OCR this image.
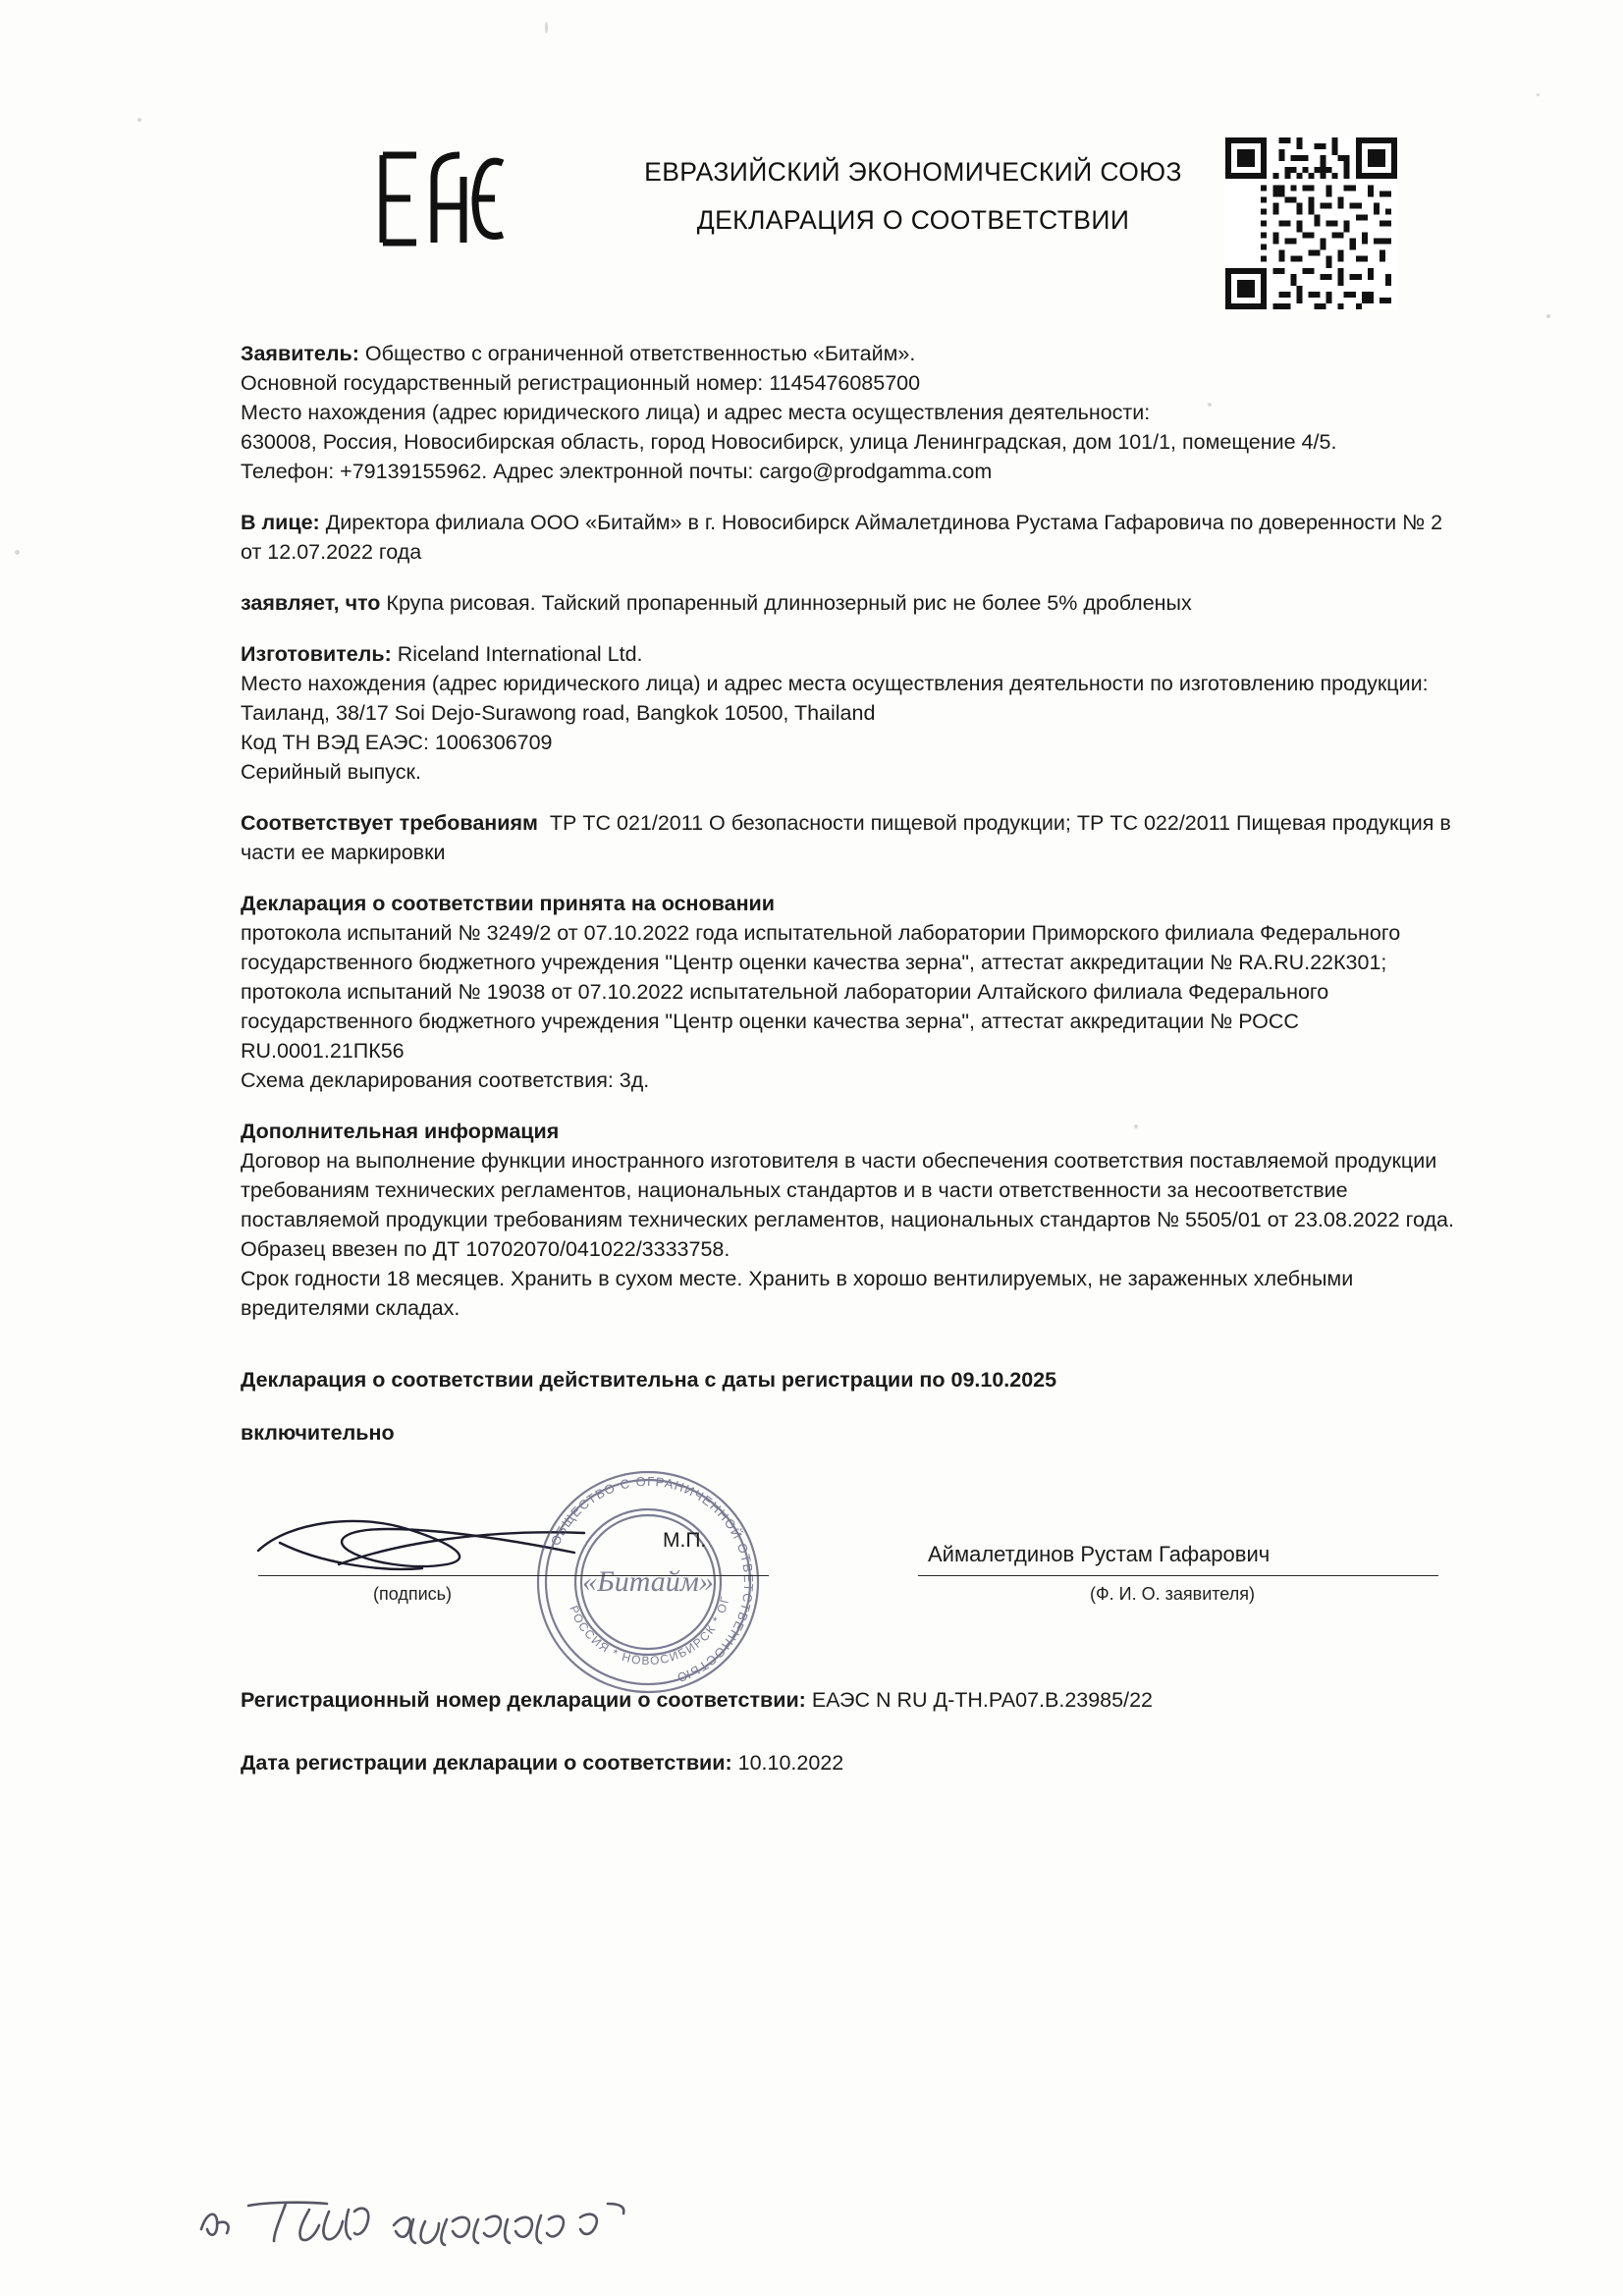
ЕВРАЗИЙСКИЙ ЭКОНОМИЧЕСКИЙ СОЮЗ
ДЕКЛАРАЦИЯ О СООТВЕТСТВИИ

Заявитель: Общество с ограниченной ответственностью «Битайм».

Основной государственный регистрационный номер: 1145476085700

Место нахождения (адрес юридического лица) и адрес места осуществления деятельности:

630008, Россия, Новосибирская область, город Новосибирск, улица Ленинградская, дом 101/1, помещение 4/5.

Телефон: +79139155962. Адрес электронной почты: cargo@prodgamma.com

В лице: Директора филиала ООО «Битайм» в г. Новосибирск Аймалетдинова Рустама Гафаровича по доверенности № 2 от 12.07.2022 года

заявляет, что Крупа рисовая. Тайский пропаренный длиннозерный рис не более 5% дробленых

Изготовитель: Riceland International Ltd.

Место нахождения (адрес юридического лица) и адрес места осуществления деятельности по изготовлению продукции:

Таиланд, 38/17 Soi Dejo-Surawong road, Bangkok 10500, Thailand

Код ТН ВЭД ЕАЭС: 1006306709

Серийный выпуск.

Соответствует требованиям ТР ТС 021/2011 О безопасности пищевой продукции; ТР ТС 022/2011 Пищевая продукция в части ее маркировки

Декларация о соответствии принята на основании

протокола испытаний № 3249/2 от 07.10.2022 года испытательной лаборатории Приморского филиала Федерального государственного бюджетного учреждения "Центр оценки качества зерна", аттестат аккредитации № RA.RU.22К301; протокола испытаний № 19038 от 07.10.2022 испытательной лаборатории Алтайского филиала Федерального государственного бюджетного учреждения "Центр оценки качества зерна", аттестат аккредитации № РОСС RU.0001.21ПК56

Схема декларирования соответствия: 3д.

Дополнительная информация

Договор на выполнение функции иностранного изготовителя в части обеспечения соответствия поставляемой продукции требованиям технических регламентов, национальных стандартов и в части ответственности за несоответствие поставляемой продукции требованиям технических регламентов, национальных стандартов № 5505/01 от 23.08.2022 года. Образец ввезен по ДТ 10702070/041022/3333758.

Срок годности 18 месяцев. Хранить в сухом месте. Хранить в хорошо вентилируемых, не зараженных хлебными вредителями складах.

Декларация о соответствии действительна с даты регистрации по 09.10.2025

включительно

ОБЩЕСТВО С ОГРАНИЧЕННОЙ ОТВЕТСТВЕННОСТЬЮ
РОССИЯ * НОВОСИБИРСК * ОГ
«Битайм»
М.П.
Аймалетдинов Рустам Гафарович
(подпись)	(Ф. И. О. заявителя)
Регистрационный номер декларации о соответствии: ЕАЭС N RU Д-TH.РА07.В.23985/22
Дата регистрации декларации о соответствии: 10.10.2022
